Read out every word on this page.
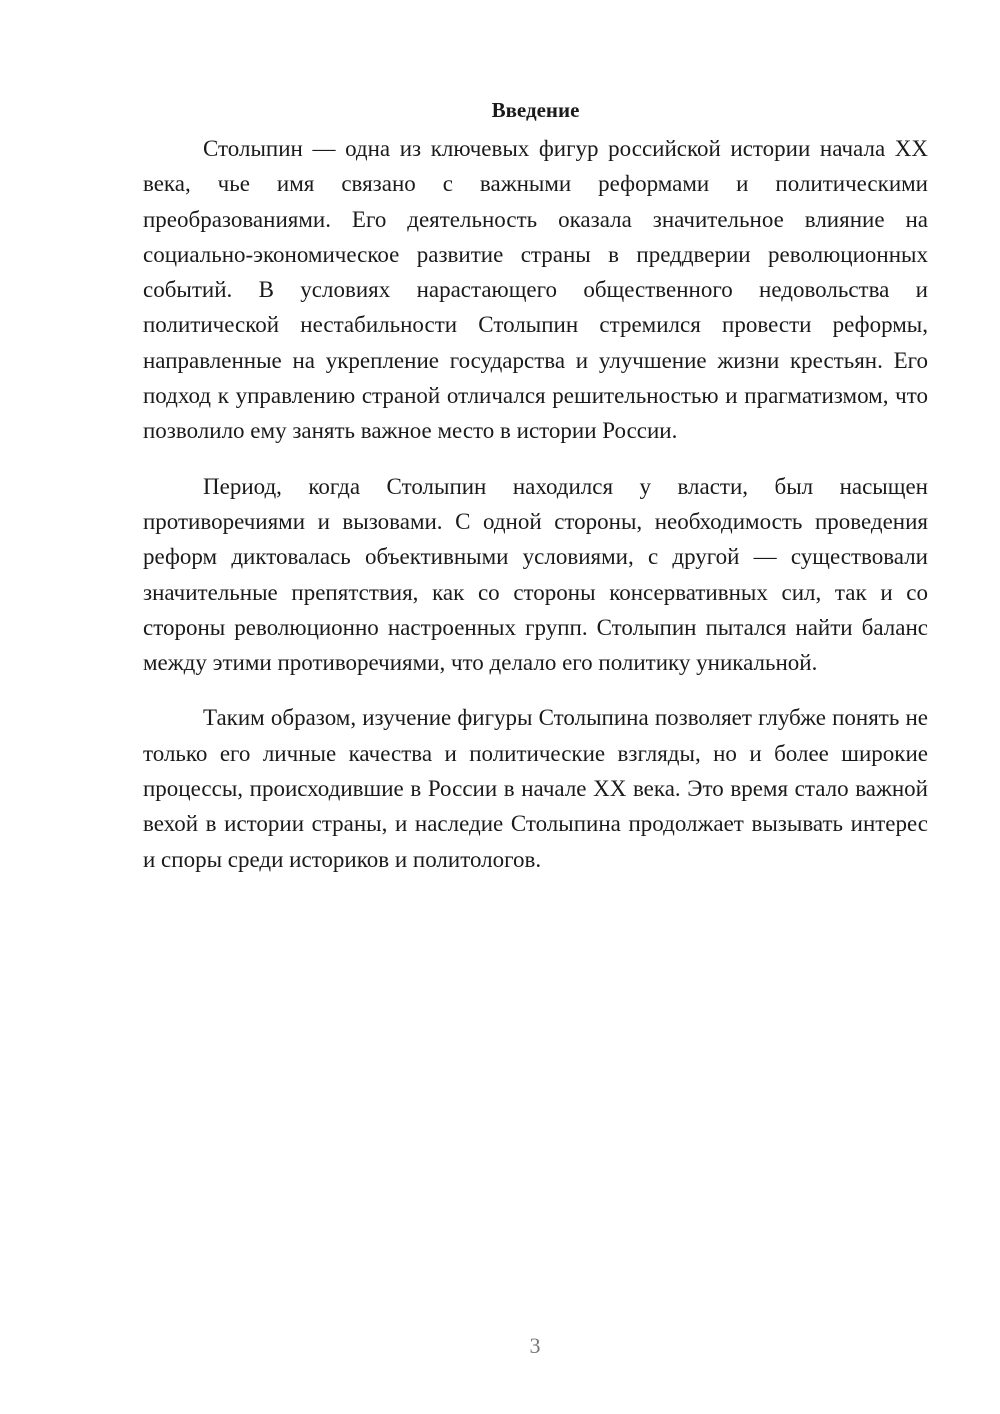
Введение

Столыпин — одна из ключевых фигур российской истории начала XX века, чье имя связано с важными реформами и политическими преобразованиями. Его деятельность оказала значительное влияние на социально-экономическое развитие страны в преддверии революционных событий. В условиях нарастающего общественного недовольства и политической нестабильности Столыпин стремился провести реформы, направленные на укрепление государства и улучшение жизни крестьян. Его подход к управлению страной отличался решительностью и прагматизмом, что позволило ему занять важное место в истории России.

Период, когда Столыпин находился у власти, был насыщен противоречиями и вызовами. С одной стороны, необходимость проведения реформ диктовалась объективными условиями, с другой — существовали значительные препятствия, как со стороны консервативных сил, так и со стороны революционно настроенных групп. Столыпин пытался найти баланс между этими противоречиями, что делало его политику уникальной.

Таким образом, изучение фигуры Столыпина позволяет глубже понять не только его личные качества и политические взгляды, но и более широкие процессы, происходившие в России в начале XX века. Это время стало важной вехой в истории страны, и наследие Столыпина продолжает вызывать интерес и споры среди историков и политологов.

3
